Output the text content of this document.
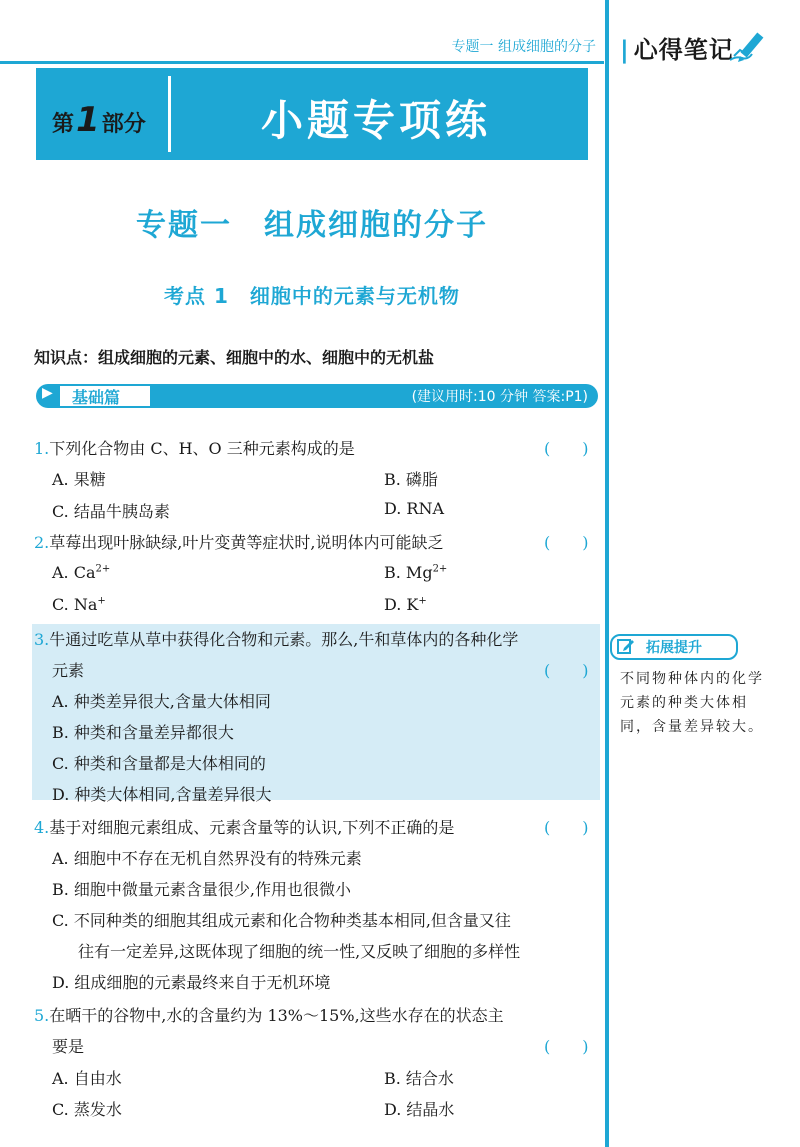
专题一 组成细胞的分子 | 心得笔记
第1部分	小题专项练
专题一　组成细胞的分子
考点 1　细胞中的元素与无机物
知识点：组成细胞的元素、细胞中的水、细胞中的无机盐
▶ 基础篇	(建议用时:10 分钟 答案:P1)
1.下列化合物由 C、H、O 三种元素构成的是	(　　)
A. 果糖	B. 磷脂
C. 结晶牛胰岛素	D. RNA
2.草莓出现叶脉缺绿,叶片变黄等症状时,说明体内可能缺乏	(　　)
A. $Ca^{2+}$	B. $Mg^{2+}$
C. Na+	D. K+
3.牛通过吃草从草中获得化合物和元素。那么,牛和草体内的各种化学
元素	(　　)
A. 种类差异很大,含量大体相同
B. 种类和含量差异都很大
C. 种类和含量都是大体相同的
D. 种类大体相同,含量差异很大
4.基于对细胞元素组成、元素含量等的认识,下列不正确的是	(　　)
A. 细胞中不存在无机自然界没有的特殊元素
B. 细胞中微量元素含量很少,作用也很微小
C. 不同种类的细胞其组成元素和化合物种类基本相同,但含量又往
往有一定差异,这既体现了细胞的统一性,又反映了细胞的多样性
D. 组成细胞的元素最终来自于无机环境
5.在晒干的谷物中,水的含量约为 13%～15%,这些水存在的状态主
要是	(　　)
A. 自由水	B. 结合水
C. 蒸发水	D. 结晶水
拓展提升
不同物种体内的化学
元素的种类大体相
同，含量差异较大。
